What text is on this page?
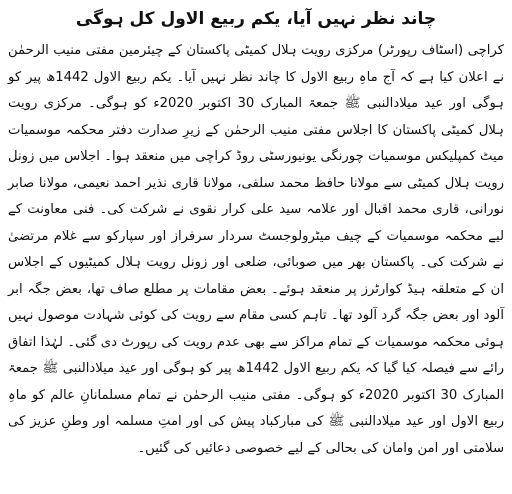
چاند نظر نہیں آیا، یکم ربیع الاول کل ہوگی

کراچی (اسٹاف رپورٹر) مرکزی رویت ہلال کمیٹی پاکستان کے چیئرمین مفتی منیب الرحمٰن نے اعلان کیا ہے کہ آج ماہِ ربیع الاول کا چاند نظر نہیں آیا۔ یکم ربیع الاول 1442ھ پیر کو ہوگی اور عید میلادالنبی ﷺ جمعۃ المبارک 30 اکتوبر 2020ء کو ہوگی۔ مرکزی رویت ہلال کمیٹی پاکستان کا اجلاس مفتی منیب الرحمٰن کے زیرِ صدارت دفتر محکمہ موسمیات میٹ کمپلیکس موسمیات چورنگی یونیورسٹی روڈ کراچی میں منعقد ہوا۔ اجلاس میں زونل رویت ہلال کمیٹی سے مولانا حافظ محمد سلفی، مولانا قاری نذیر احمد نعیمی، مولانا صابر نورانی، قاری محمد اقبال اور علامہ سید علی کرار نقوی نے شرکت کی۔ فنی معاونت کے لیے محکمہ موسمیات کے چیف میٹرولوجسٹ سردار سرفراز اور سپارکو سے غلام مرتضیٰ نے شرکت کی۔ پاکستان بھر میں صوبائی، ضلعی اور زونل رویت ہلال کمیٹیوں کے اجلاس ان کے متعلقہ ہیڈ کوارٹرز پر منعقد ہوئے۔ بعض مقامات پر مطلع صاف تھا، بعض جگہ ابر آلود اور بعض جگہ گرد آلود تھا۔ تاہم کسی مقام سے رویت کی کوئی شہادت موصول نہیں ہوئی محکمہ موسمیات کے تمام مراکز سے بھی عدم رویت کی رپورٹ دی گئی۔ لہٰذا اتفاق رائے سے فیصلہ کیا گیا کہ یکم ربیع الاول 1442ھ پیر کو ہوگی اور عید میلادالنبی ﷺ جمعۃ المبارک 30 اکتوبر 2020ء کو ہوگی۔ مفتی منیب الرحمٰن نے تمام مسلمانانِ عالم کو ماہِ ربیع الاول اور عید میلادالنبی ﷺ کی مبارکباد پیش کی اور امتِ مسلمہ اور وطنِ عزیز کی سلامتی اور امن وامان کی بحالی کے لیے خصوصی دعائیں کی گئیں۔
